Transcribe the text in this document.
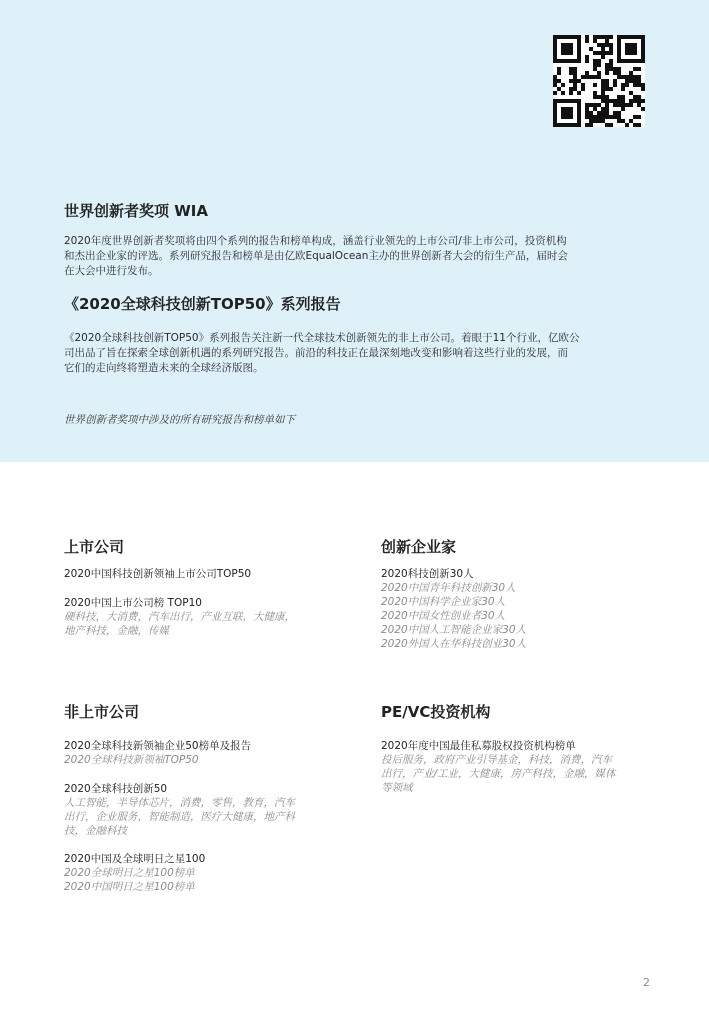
世界创新者奖项 WIA
2020年度世界创新者奖项将由四个系列的报告和榜单构成，涵盖行业领先的上市公司/非上市公司，投资机构
和杰出企业家的评选。系列研究报告和榜单是由亿欧EqualOcean主办的世界创新者大会的衍生产品，届时会
在大会中进行发布。
《2020全球科技创新TOP50》系列报告
《2020全球科技创新TOP50》系列报告关注新一代全球技术创新领先的非上市公司。着眼于11个行业，亿欧公
司出品了旨在探索全球创新机遇的系列研究报告。前沿的科技正在最深刻地改变和影响着这些行业的发展，而
它们的走向终将塑造未来的全球经济版图。
世界创新者奖项中涉及的所有研究报告和榜单如下
上市公司
2020中国科技创新领袖上市公司TOP50
2020中国上市公司榜 TOP10
硬科技，大消费，汽车出行，产业互联，大健康，
地产科技，金融，传媒
创新企业家
2020科技创新30人
2020中国青年科技创新30人
2020中国科学企业家30人
2020中国女性创业者30人
2020中国人工智能企业家30人
2020外国人在华科技创业30人
非上市公司
2020全球科技新领袖企业50榜单及报告
2020全球科技新领袖TOP50
2020全球科技创新50
人工智能，半导体芯片，消费，零售，教育，汽车
出行，企业服务，智能制造，医疗大健康，地产科
技，金融科技
2020中国及全球明日之星100
2020全球明日之星100榜单
2020中国明日之星100榜单
PE/VC投资机构
2020年度中国最佳私募股权投资机构榜单
投后服务，政府产业引导基金，科技，消费，汽车
出行，产业/工业，大健康，房产科技，金融，媒体
等领域
2
